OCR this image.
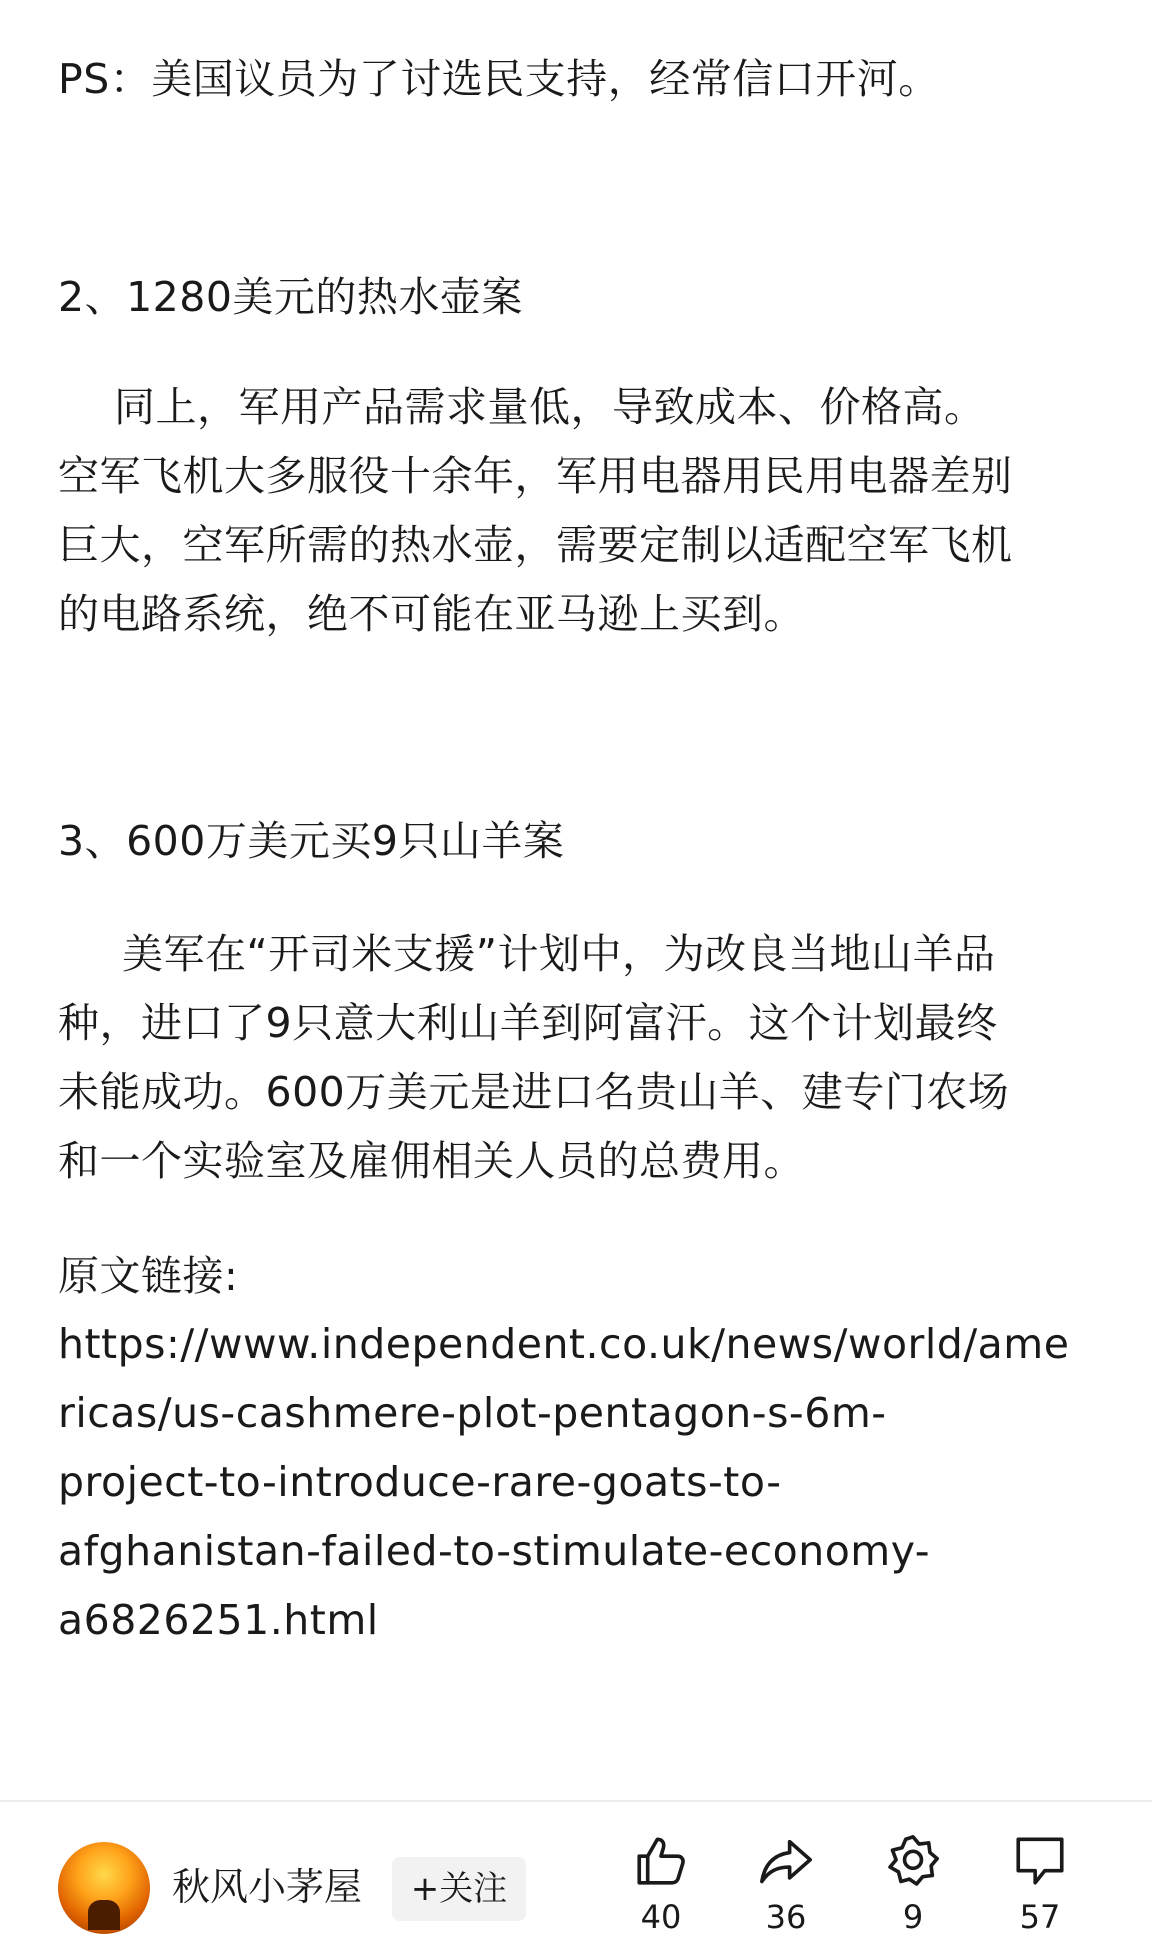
PS：美国议员为了讨选民支持，经常信口开河。
2、1280美元的热水壶案
同上，军用产品需求量低，导致成本、价格高。
空军飞机大多服役十余年，军用电器用民用电器差别
巨大，空军所需的热水壶，需要定制以适配空军飞机
的电路系统，绝不可能在亚马逊上买到。
3、600万美元买9只山羊案
美军在“开司米支援”计划中，为改良当地山羊品
种，进口了9只意大利山羊到阿富汗。这个计划最终
未能成功。600万美元是进口名贵山羊、建专门农场
和一个实验室及雇佣相关人员的总费用。
原文链接:
https://www.independent.co.uk/news/world/ame
ricas/us-cashmere-plot-pentagon-s-6m-
project-to-introduce-rare-goats-to-
afghanistan-failed-to-stimulate-economy-
a6826251.html
秋风小茅屋	+关注
40	36	9	57
